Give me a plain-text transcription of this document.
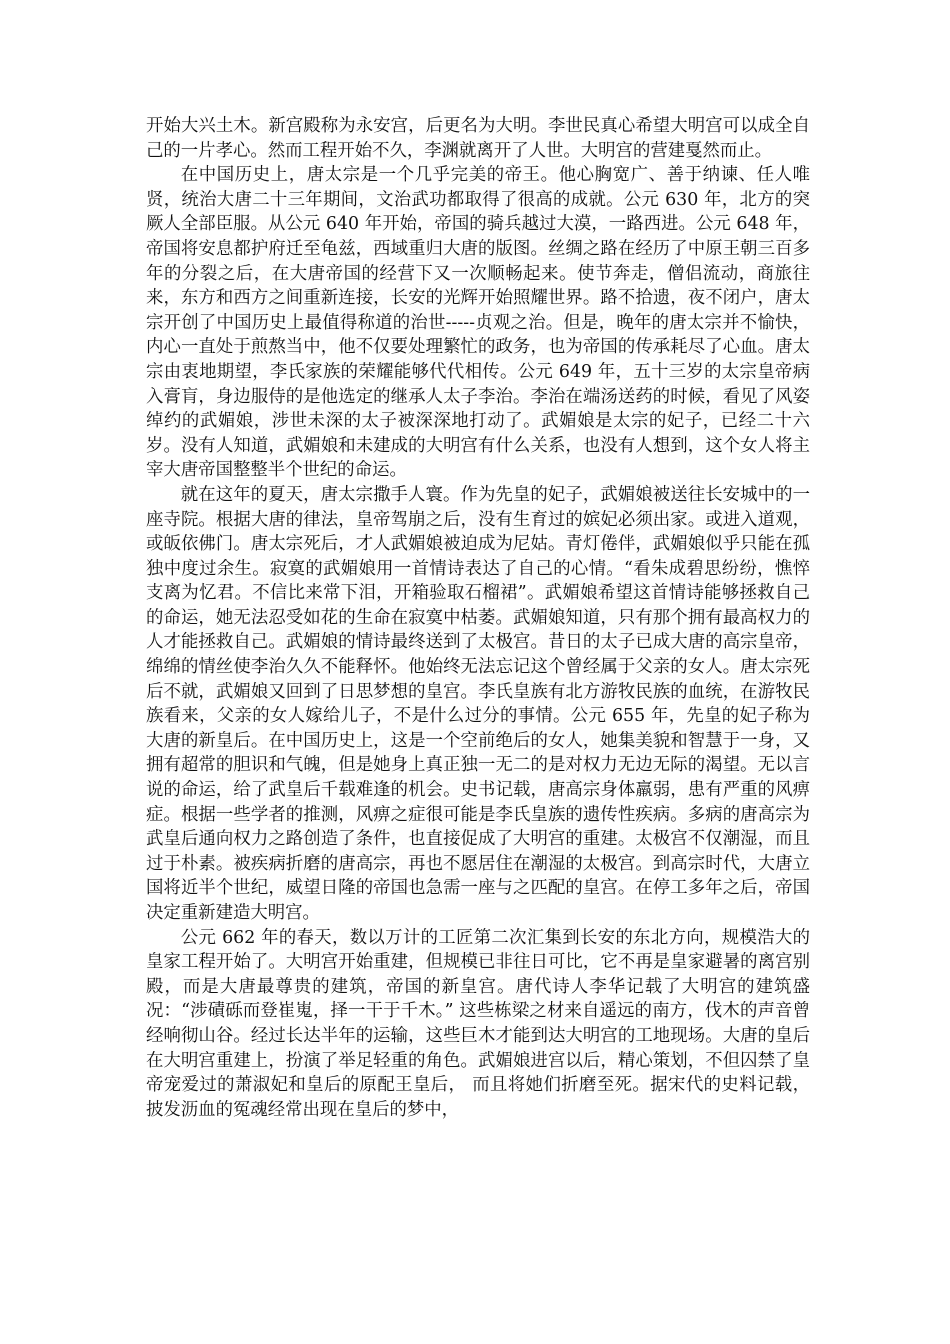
开始大兴土木。新宫殿称为永安宫，后更名为大明。李世民真心希望大明宫可以成全自己的一片孝心。然而工程开始不久，李渊就离开了人世。大明宫的营建戛然而止。

在中国历史上，唐太宗是一个几乎完美的帝王。他心胸宽广、善于纳谏、任人唯贤，统治大唐二十三年期间，文治武功都取得了很高的成就。公元 630 年，北方的突厥人全部臣服。从公元 640 年开始，帝国的骑兵越过大漠，一路西进。公元 648 年，帝国将安息都护府迁至龟兹，西域重归大唐的版图。丝绸之路在经历了中原王朝三百多年的分裂之后，在大唐帝国的经营下又一次顺畅起来。使节奔走，僧侣流动，商旅往来，东方和西方之间重新连接，长安的光辉开始照耀世界。路不拾遗，夜不闭户，唐太宗开创了中国历史上最值得称道的治世-----贞观之治。但是，晚年的唐太宗并不愉快，内心一直处于煎熬当中，他不仅要处理繁忙的政务，也为帝国的传承耗尽了心血。唐太宗由衷地期望，李氏家族的荣耀能够代代相传。公元 649 年，五十三岁的太宗皇帝病入膏肓，身边服侍的是他选定的继承人太子李治。李治在端汤送药的时候，看见了风姿绰约的武媚娘，涉世未深的太子被深深地打动了。武媚娘是太宗的妃子，已经二十六岁。没有人知道，武媚娘和未建成的大明宫有什么关系，也没有人想到，这个女人将主宰大唐帝国整整半个世纪的命运。

就在这年的夏天，唐太宗撒手人寰。作为先皇的妃子，武媚娘被送往长安城中的一座寺院。根据大唐的律法，皇帝驾崩之后，没有生育过的嫔妃必须出家。或进入道观，或皈依佛门。唐太宗死后，才人武媚娘被迫成为尼姑。青灯倦伴，武媚娘似乎只能在孤独中度过余生。寂寞的武媚娘用一首情诗表达了自己的心情。“看朱成碧思纷纷，憔悴支离为忆君。不信比来常下泪，开箱验取石榴裙”。武媚娘希望这首情诗能够拯救自己的命运，她无法忍受如花的生命在寂寞中枯萎。武媚娘知道，只有那个拥有最高权力的人才能拯救自己。武媚娘的情诗最终送到了太极宫。昔日的太子已成大唐的高宗皇帝，绵绵的情丝使李治久久不能释怀。他始终无法忘记这个曾经属于父亲的女人。唐太宗死后不就，武媚娘又回到了日思梦想的皇宫。李氏皇族有北方游牧民族的血统，在游牧民族看来，父亲的女人嫁给儿子，不是什么过分的事情。公元 655 年，先皇的妃子称为大唐的新皇后。在中国历史上，这是一个空前绝后的女人，她集美貌和智慧于一身，又拥有超常的胆识和气魄，但是她身上真正独一无二的是对权力无边无际的渴望。无以言说的命运，给了武皇后千载难逢的机会。史书记载，唐高宗身体羸弱，患有严重的风痹症。根据一些学者的推测，风痹之症很可能是李氏皇族的遗传性疾病。多病的唐高宗为武皇后通向权力之路创造了条件，也直接促成了大明宫的重建。太极宫不仅潮湿，而且过于朴素。被疾病折磨的唐高宗，再也不愿居住在潮湿的太极宫。到高宗时代，大唐立国将近半个世纪，威望日隆的帝国也急需一座与之匹配的皇宫。在停工多年之后，帝国决定重新建造大明宫。

公元 662 年的春天，数以万计的工匠第二次汇集到长安的东北方向，规模浩大的皇家工程开始了。大明宫开始重建，但规模已非往日可比，它不再是皇家避暑的离宫别殿，而是大唐最尊贵的建筑，帝国的新皇宫。唐代诗人李华记载了大明宫的建筑盛况：“涉磧砾而登崔嵬，择一干于千木。” 这些栋梁之材来自遥远的南方，伐木的声音曾经响彻山谷。经过长达半年的运输，这些巨木才能到达大明宫的工地现场。大唐的皇后在大明宫重建上，扮演了举足轻重的角色。武媚娘进宫以后，精心策划，不但囚禁了皇帝宠爱过的萧淑妃和皇后的原配王皇后， 而且将她们折磨至死。据宋代的史料记载，披发沥血的冤魂经常出现在皇后的梦中，
